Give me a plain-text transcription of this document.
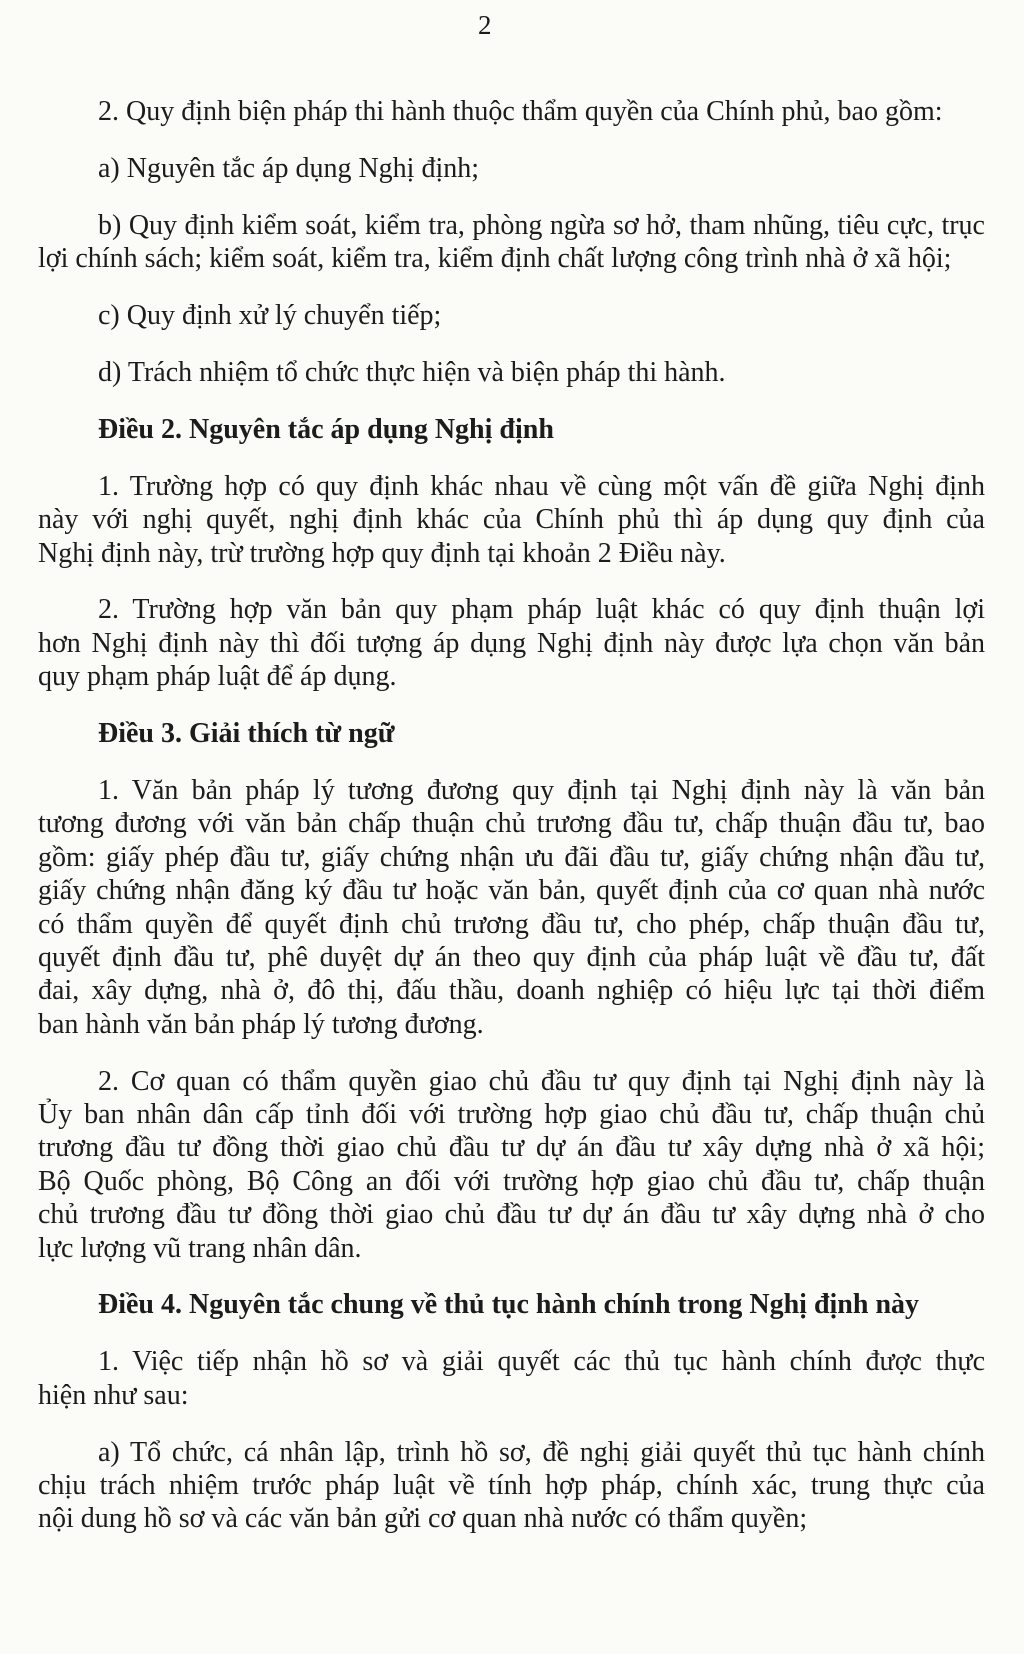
2
2. Quy định biện pháp thi hành thuộc thẩm quyền của Chính phủ, bao gồm:
a) Nguyên tắc áp dụng Nghị định;
b) Quy định kiểm soát, kiểm tra, phòng ngừa sơ hở, tham nhũng, tiêu cực, trục
lợi chính sách; kiểm soát, kiểm tra, kiểm định chất lượng công trình nhà ở xã hội;
c) Quy định xử lý chuyển tiếp;
d) Trách nhiệm tổ chức thực hiện và biện pháp thi hành.
Điều 2. Nguyên tắc áp dụng Nghị định
1. Trường hợp có quy định khác nhau về cùng một vấn đề giữa Nghị định
này với nghị quyết, nghị định khác của Chính phủ thì áp dụng quy định của
Nghị định này, trừ trường hợp quy định tại khoản 2 Điều này.
2. Trường hợp văn bản quy phạm pháp luật khác có quy định thuận lợi
hơn Nghị định này thì đối tượng áp dụng Nghị định này được lựa chọn văn bản
quy phạm pháp luật để áp dụng.
Điều 3. Giải thích từ ngữ
1. Văn bản pháp lý tương đương quy định tại Nghị định này là văn bản
tương đương với văn bản chấp thuận chủ trương đầu tư, chấp thuận đầu tư, bao
gồm: giấy phép đầu tư, giấy chứng nhận ưu đãi đầu tư, giấy chứng nhận đầu tư,
giấy chứng nhận đăng ký đầu tư hoặc văn bản, quyết định của cơ quan nhà nước
có thẩm quyền để quyết định chủ trương đầu tư, cho phép, chấp thuận đầu tư,
quyết định đầu tư, phê duyệt dự án theo quy định của pháp luật về đầu tư, đất
đai, xây dựng, nhà ở, đô thị, đấu thầu, doanh nghiệp có hiệu lực tại thời điểm
ban hành văn bản pháp lý tương đương.
2. Cơ quan có thẩm quyền giao chủ đầu tư quy định tại Nghị định này là
Ủy ban nhân dân cấp tỉnh đối với trường hợp giao chủ đầu tư, chấp thuận chủ
trương đầu tư đồng thời giao chủ đầu tư dự án đầu tư xây dựng nhà ở xã hội;
Bộ Quốc phòng, Bộ Công an đối với trường hợp giao chủ đầu tư, chấp thuận
chủ trương đầu tư đồng thời giao chủ đầu tư dự án đầu tư xây dựng nhà ở cho
lực lượng vũ trang nhân dân.
Điều 4. Nguyên tắc chung về thủ tục hành chính trong Nghị định này
1. Việc tiếp nhận hồ sơ và giải quyết các thủ tục hành chính được thực
hiện như sau:
a) Tổ chức, cá nhân lập, trình hồ sơ, đề nghị giải quyết thủ tục hành chính
chịu trách nhiệm trước pháp luật về tính hợp pháp, chính xác, trung thực của
nội dung hồ sơ và các văn bản gửi cơ quan nhà nước có thẩm quyền;
